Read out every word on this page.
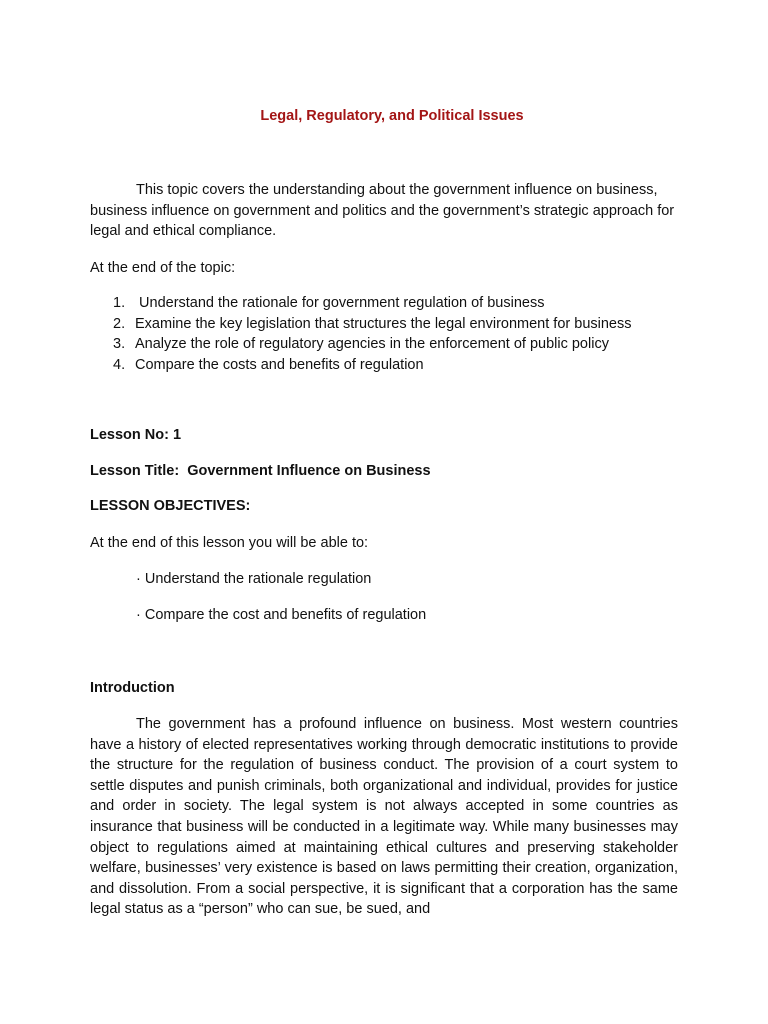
Legal, Regulatory, and Political Issues
This topic covers the understanding about the government influence on business, business influence on government and politics and the government’s strategic approach for legal and ethical compliance.
At the end of the topic:
1. Understand the rationale for government regulation of business
2. Examine the key legislation that structures the legal environment for business
3. Analyze the role of regulatory agencies in the enforcement of public policy
4. Compare the costs and benefits of regulation
Lesson No: 1
Lesson Title:  Government Influence on Business
LESSON OBJECTIVES:
At the end of this lesson you will be able to:
· Understand the rationale regulation
· Compare the cost and benefits of regulation
Introduction
The government has a profound influence on business. Most western countries have a history of elected representatives working through democratic institutions to provide the structure for the regulation of business conduct. The provision of a court system to settle disputes and punish criminals, both organizational and individual, provides for justice and order in society. The legal system is not always accepted in some countries as insurance that business will be conducted in a legitimate way. While many businesses may object to regulations aimed at maintaining ethical cultures and preserving stakeholder welfare, businesses’ very existence is based on laws permitting their creation, organization, and dissolution. From a social perspective, it is significant that a corporation has the same legal status as a “person” who can sue, be sued, and
